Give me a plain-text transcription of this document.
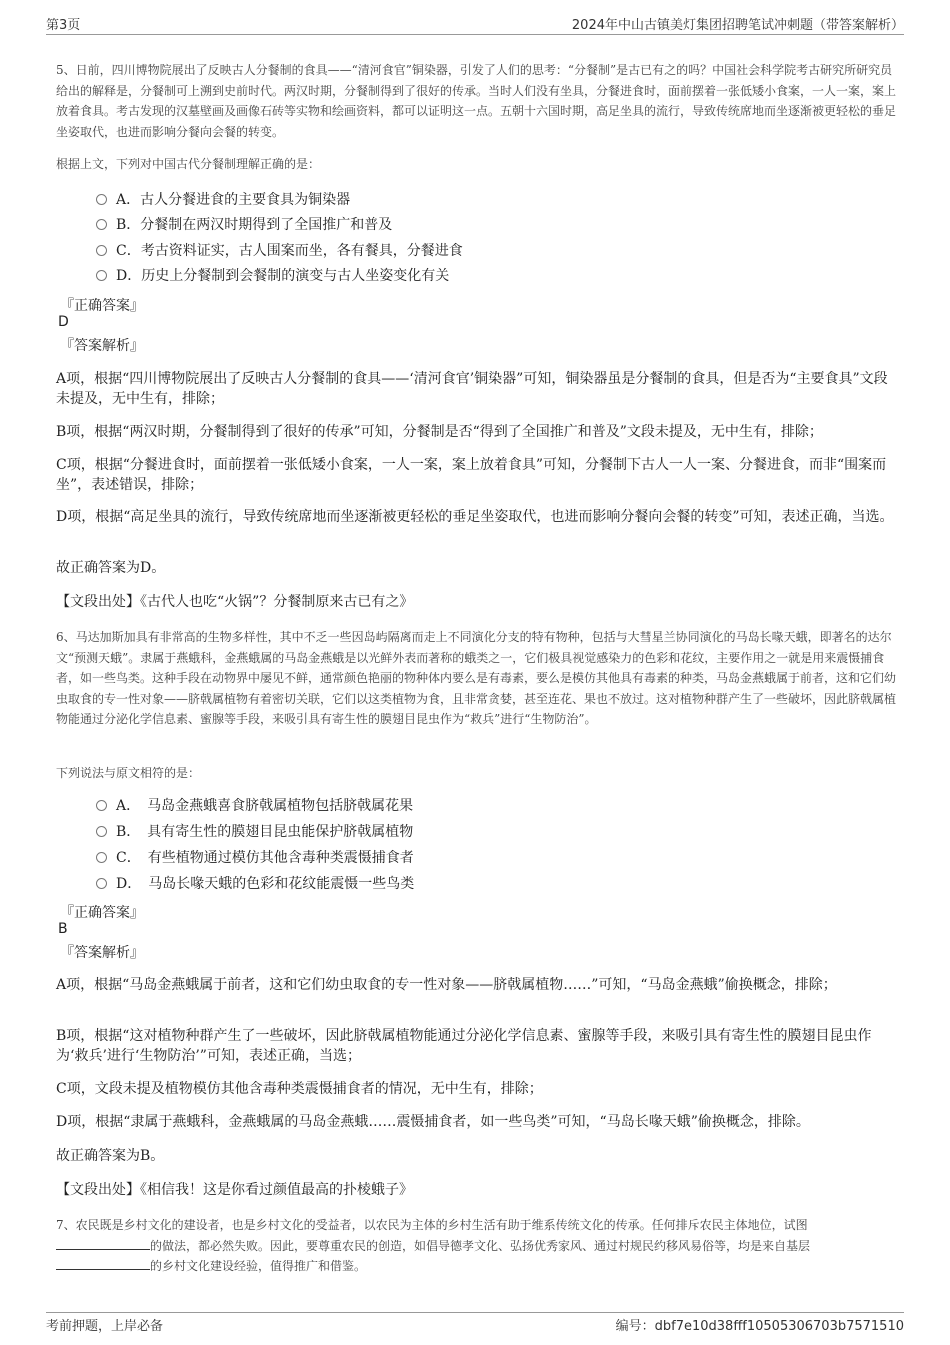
第3页	2024年中山古镇美灯集团招聘笔试冲刺题（带答案解析）
5、日前，四川博物院展出了反映古人分餐制的食具——“清河食官”铜染器，引发了人们的思考：“分餐制”是古已有之的吗？中国社会科学院考古研究所研究员给出的解释是，分餐制可上溯到史前时代。两汉时期，分餐制得到了很好的传承。当时人们没有坐具，分餐进食时，面前摆着一张低矮小食案，一人一案，案上放着食具。考古发现的汉墓壁画及画像石砖等实物和绘画资料，都可以证明这一点。五朝十六国时期，高足坐具的流行，导致传统席地而坐逐渐被更轻松的垂足坐姿取代，也进而影响分餐向会餐的转变。
根据上文，下列对中国古代分餐制理解正确的是：
A．古人分餐进食的主要食具为铜染器
B．分餐制在两汉时期得到了全国推广和普及
C．考古资料证实，古人围案而坐，各有餐具，分餐进食
D．历史上分餐制到会餐制的演变与古人坐姿变化有关
『正确答案』
D
『答案解析』
A项，根据“四川博物院展出了反映古人分餐制的食具——‘清河食官’铜染器”可知，铜染器虽是分餐制的食具，但是否为“主要食具”文段未提及，无中生有，排除；
B项，根据“两汉时期，分餐制得到了很好的传承”可知，分餐制是否“得到了全国推广和普及”文段未提及，无中生有，排除；
C项，根据“分餐进食时，面前摆着一张低矮小食案，一人一案，案上放着食具”可知，分餐制下古人一人一案、分餐进食，而非“围案而坐”，表述错误，排除；
D项，根据“高足坐具的流行，导致传统席地而坐逐渐被更轻松的垂足坐姿取代，也进而影响分餐向会餐的转变”可知，表述正确，当选。
故正确答案为D。
【文段出处】《古代人也吃“火锅”？分餐制原来古已有之》
6、马达加斯加具有非常高的生物多样性，其中不乏一些因岛屿隔离而走上不同演化分支的特有物种，包括与大彗星兰协同演化的马岛长喙天蛾，即著名的达尔文“预测天蛾”。隶属于燕蛾科，金燕蛾属的马岛金燕蛾是以光鲜外表而著称的蛾类之一，它们极具视觉感染力的色彩和花纹，主要作用之一就是用来震慑捕食者，如一些鸟类。这种手段在动物界中屡见不鲜，通常颜色艳丽的物种体内要么是有毒素，要么是模仿其他具有毒素的种类，马岛金燕蛾属于前者，这和它们幼虫取食的专一性对象——脐戟属植物有着密切关联，它们以这类植物为食，且非常贪婪，甚至连花、果也不放过。这对植物种群产生了一些破坏，因此脐戟属植物能通过分泌化学信息素、蜜腺等手段，来吸引具有寄生性的膜翅目昆虫作为“救兵”进行“生物防治”。
下列说法与原文相符的是：
A．　马岛金燕蛾喜食脐戟属植物包括脐戟属花果
B．　具有寄生性的膜翅目昆虫能保护脐戟属植物
C．　有些植物通过模仿其他含毒种类震慑捕食者
D．　马岛长喙天蛾的色彩和花纹能震慑一些鸟类
『正确答案』
B
『答案解析』
A项，根据“马岛金燕蛾属于前者，这和它们幼虫取食的专一性对象——脐戟属植物……”可知，“马岛金燕蛾”偷换概念，排除；
B项，根据“这对植物种群产生了一些破坏，因此脐戟属植物能通过分泌化学信息素、蜜腺等手段，来吸引具有寄生性的膜翅目昆虫作为‘救兵’进行‘生物防治’”可知，表述正确，当选；
C项，文段未提及植物模仿其他含毒种类震慑捕食者的情况，无中生有，排除；
D项，根据“隶属于燕蛾科，金燕蛾属的马岛金燕蛾……震慑捕食者，如一些鸟类”可知，“马岛长喙天蛾”偷换概念，排除。
故正确答案为B。
【文段出处】《相信我！这是你看过颜值最高的扑棱蛾子》
7、农民既是乡村文化的建设者，也是乡村文化的受益者，以农民为主体的乡村生活有助于维系传统文化的传承。任何排斥农民主体地位，试图的做法，都必然失败。因此，要尊重农民的创造，如倡导德孝文化、弘扬优秀家风、通过村规民约移风易俗等，均是来自基层的乡村文化建设经验，值得推广和借鉴。
考前押题，上岸必备	编号：dbf7e10d38fff10505306703b7571510
